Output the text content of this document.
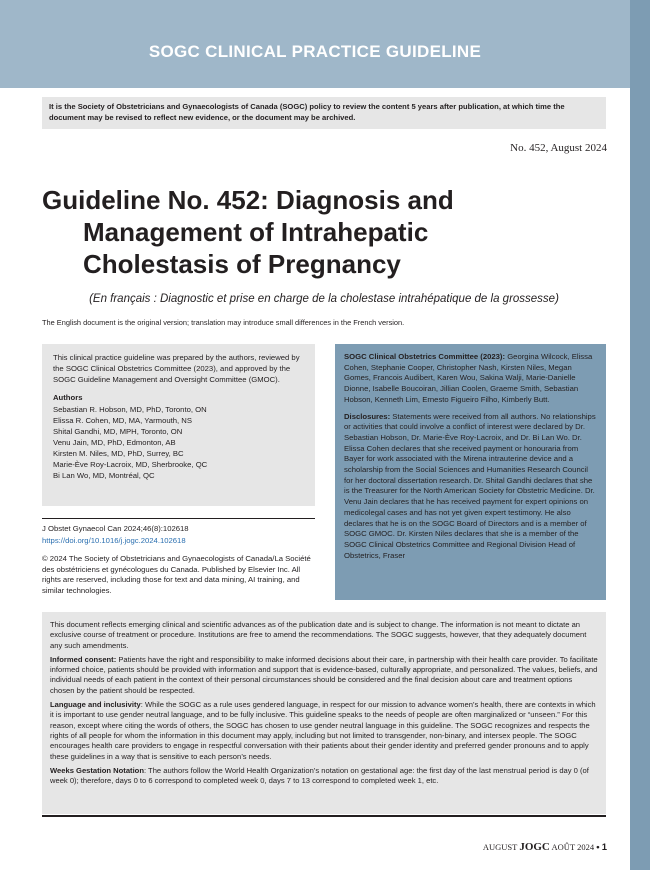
SOGC CLINICAL PRACTICE GUIDELINE
It is the Society of Obstetricians and Gynaecologists of Canada (SOGC) policy to review the content 5 years after publication, at which time the document may be revised to reflect new evidence, or the document may be archived.
No. 452, August 2024
Guideline No. 452: Diagnosis and
Management of Intrahepatic
Cholestasis of Pregnancy
(En français : Diagnostic et prise en charge de la cholestase intrahépatique de la grossesse)
The English document is the original version; translation may introduce small differences in the French version.

This clinical practice guideline was prepared by the authors, reviewed by the SOGC Clinical Obstetrics Committee (2023), and approved by the SOGC Guideline Management and Oversight Committee (GMOC).

Authors

Sebastian R. Hobson, MD, PhD, Toronto, ON
Elissa R. Cohen, MD, MA, Yarmouth, NS
Shital Gandhi, MD, MPH, Toronto, ON
Venu Jain, MD, PhD, Edmonton, AB
Kirsten M. Niles, MD, PhD, Surrey, BC
Marie-Ève Roy-Lacroix, MD, Sherbrooke, QC
Bi Lan Wo, MD, Montréal, QC
J Obstet Gynaecol Can 2024;46(8):102618
https://doi.org/10.1016/j.jogc.2024.102618
© 2024 The Society of Obstetricians and Gynaecologists of Canada/La Société des obstétriciens et gynécologues du Canada. Published by Elsevier Inc. All rights are reserved, including those for text and data mining, AI training, and similar technologies.

SOGC Clinical Obstetrics Committee (2023): Georgina Wilcock, Elissa Cohen, Stephanie Cooper, Christopher Nash, Kirsten Niles, Megan Gomes, Francois Audibert, Karen Wou, Sakina Walji, Marie-Danielle Dionne, Isabelle Boucoiran, Jillian Coolen, Graeme Smith, Sebastian Hobson, Kenneth Lim, Ernesto Figueiro Filho, Kimberly Butt.

Disclosures: Statements were received from all authors. No relationships or activities that could involve a conflict of interest were declared by Dr. Sebastian Hobson, Dr. Marie-Ève Roy-Lacroix, and Dr. Bi Lan Wo. Dr. Elissa Cohen declares that she received payment or honouraria from Bayer for work associated with the Mirena intrauterine device and a scholarship from the Social Sciences and Humanities Research Council for her doctoral dissertation research. Dr. Shital Gandhi declares that she is the Treasurer for the North American Society for Obstetric Medicine. Dr. Venu Jain declares that he has received payment for expert opinions on medicolegal cases and has not yet given expert testimony. He also declares that he is on the SOGC Board of Directors and is a member of SOGC GMOC. Dr. Kirsten Niles declares that she is a member of the SOGC Clinical Obstetrics Committee and Regional Division Head of Obstetrics, Fraser

This document reflects emerging clinical and scientific advances as of the publication date and is subject to change. The information is not meant to dictate an exclusive course of treatment or procedure. Institutions are free to amend the recommendations. The SOGC suggests, however, that they adequately document any such amendments.

Informed consent: Patients have the right and responsibility to make informed decisions about their care, in partnership with their health care provider. To facilitate informed choice, patients should be provided with information and support that is evidence-based, culturally appropriate, and personalized. The values, beliefs, and individual needs of each patient in the context of their personal circumstances should be considered and the final decision about care and treatment options chosen by the patient should be respected.

Language and inclusivity: While the SOGC as a rule uses gendered language, in respect for our mission to advance women’s health, there are contexts in which it is important to use gender neutral language, and to be fully inclusive. This guideline speaks to the needs of people are often marginalized or “unseen.” For this reason, except where citing the words of others, the SOGC has chosen to use gender neutral language in this guideline. The SOGC recognizes and respects the rights of all people for whom the information in this document may apply, including but not limited to transgender, non-binary, and intersex people. The SOGC encourages health care providers to engage in respectful conversation with their patients about their gender identity and preferred gender pronouns and to apply these guidelines in a way that is sensitive to each person’s needs.

Weeks Gestation Notation: The authors follow the World Health Organization’s notation on gestational age: the first day of the last menstrual period is day 0 (of week 0); therefore, days 0 to 6 correspond to completed week 0, days 7 to 13 correspond to completed week 1, etc.

AUGUST JOGC AOÛT 2024 • 1
